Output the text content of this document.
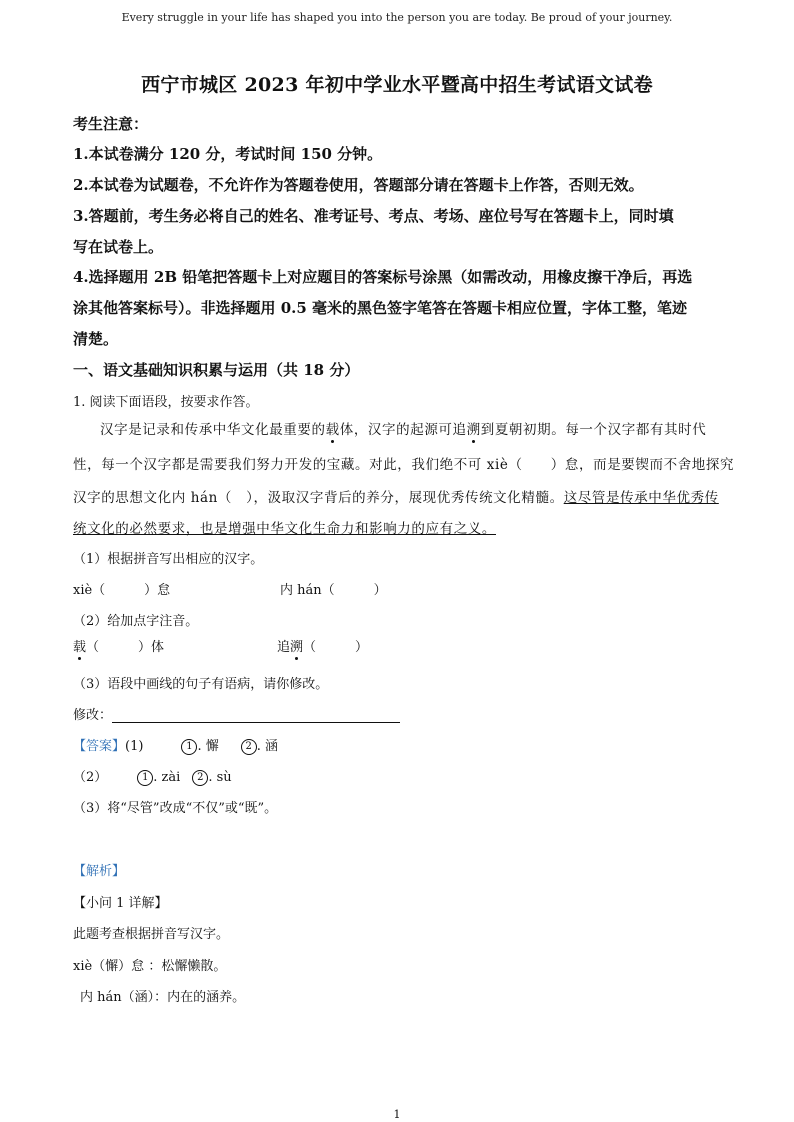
Every struggle in your life has shaped you into the person you are today. Be proud of your journey.
西宁市城区 2023 年初中学业水平暨高中招生考试语文试卷
考生注意：
1.本试卷满分 120 分，考试时间 150 分钟。
2.本试卷为试题卷，不允许作为答题卷使用，答题部分请在答题卡上作答，否则无效。
3.答题前，考生务必将自己的姓名、准考证号、考点、考场、座位号写在答题卡上，同时填
写在试卷上。
4.选择题用 2B 铅笔把答题卡上对应题目的答案标号涂黑（如需改动，用橡皮擦干净后，再选
涂其他答案标号）。非选择题用 0.5 毫米的黑色签字笔答在答题卡相应位置，字体工整，笔迹
清楚。
一、语文基础知识积累与运用（共 18 分）
1. 阅读下面语段，按要求作答。
汉字是记录和传承中华文化最重要的载体，汉字的起源可追溯到夏朝初期。每一个汉字都有其时代
性，每一个汉字都是需要我们努力开发的宝藏。对此，我们绝不可 xiè（　　）怠，而是要锲而不舍地探究
汉字的思想文化内 hán（　），汲取汉字背后的养分，展现优秀传统文化精髓。这尽管是传承中华优秀传
统文化的必然要求，也是增强中华文化生命力和影响力的应有之义。
（1）根据拼音写出相应的汉字。
xiè（　　　）怠	内 hán（　　　）
（2）给加点字注音。
载（　　　）体	追溯（　　　）
（3）语段中画线的句子有语病，请你修改。
修改：
【答案】(1)	1 . 懈	2 . 涵
（2）	1 . zài 2 . sù
（3）将“尽管”改成“不仅”或“既”。
【解析】
【小问 1 详解】
此题考查根据拼音写汉字。
xiè（懈）怠 ：松懈懒散。
内 hán（涵）：内在的涵养。
1
